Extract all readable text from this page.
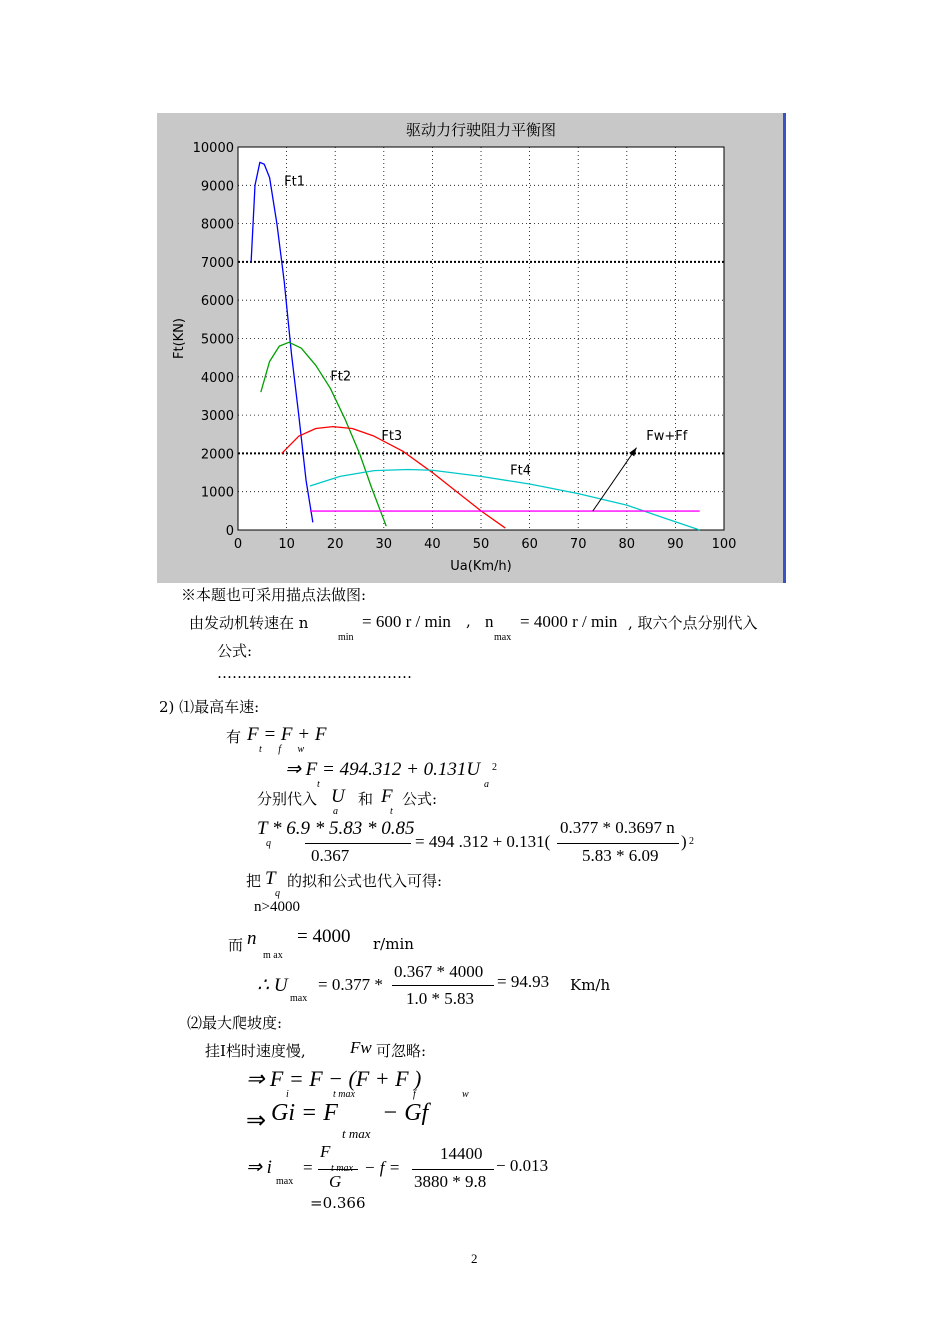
驱动力行驶阻力平衡图
0	10 20 30 40 50 60 70 80 90 100
0
1000
2000
3000
4000
5000
6000
7000
8000
9000
10000
Ua(Km/h)
Ft(KN)
Ft1
Ft2
Ft3
Ft4
Fw+Ff
※本题也可采用描点法做图:
由发动机转速在 n
min
= 600 r / min , n
max
= 4000 r / min , 取六个点分别代入
公式:
…………………………………
2) ⑴最高车速:
有 F = F + F
t f w
⇒ F = 494.312 + 0.131U
t	a
2
分别代入 U
a
和 F
t
公式:
T * 6.9 * 5.83 * 0.85
q
0.367
= 494 .312 + 0.131(
0.377 * 0.3697 n
5.83 * 6.09
) 2
把 T
q
的拟和公式也代入可得:
n>4000
而 n
m ax
= 4000 r/min
∴ U
max
= 0.377 *
0.367 * 4000
1.0 * 5.83
= 94.93 Km/h
⑵最大爬坡度:
挂Ⅰ档时速度慢,	Fw 可忽略:
⇒ F = F − (F + F )
i	t max	f	w
⇒ Gi = F
t max
− Gf
⇒ i
max
=
F
G
− f =
14400
3880 * 9.8
− 0.013
=0.366
2
